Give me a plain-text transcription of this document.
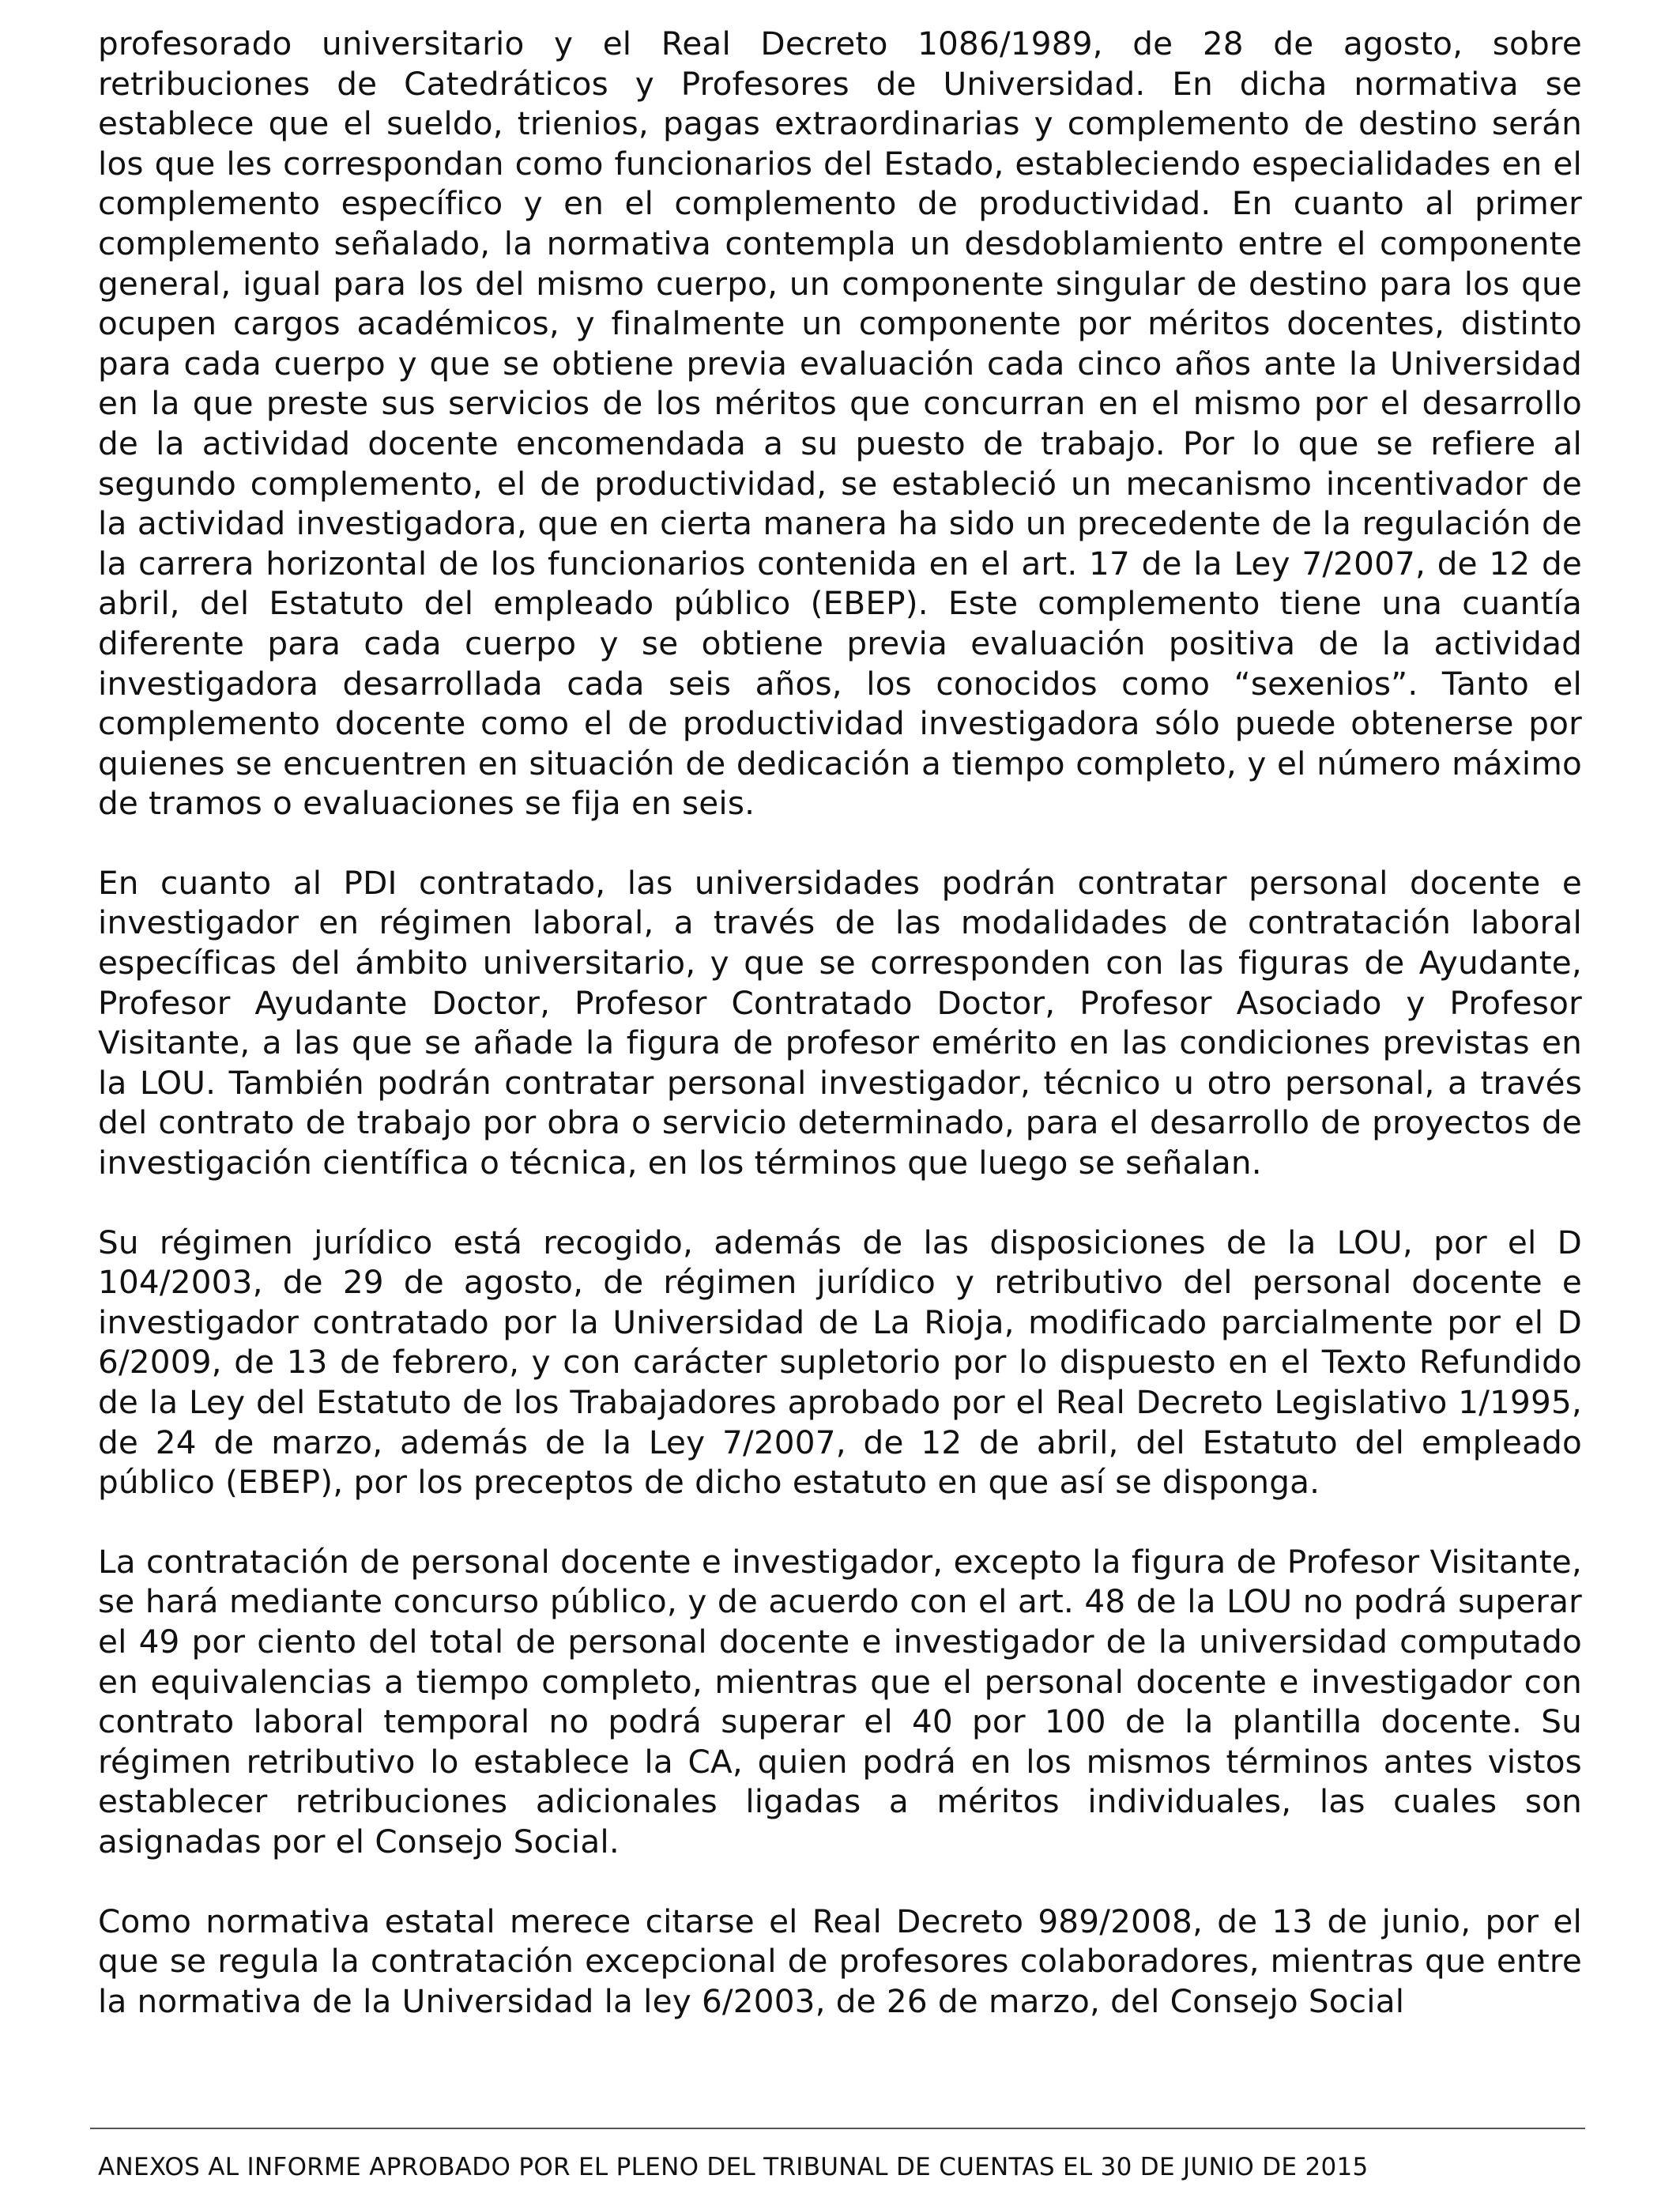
profesorado universitario y el Real Decreto 1086/1989, de 28 de agosto, sobre retribuciones de Catedráticos y Profesores de Universidad. En dicha normativa se establece que el sueldo, trienios, pagas extraordinarias y complemento de destino serán los que les correspondan como funcionarios del Estado, estableciendo especialidades en el complemento específico y en el complemento de productividad. En cuanto al primer complemento señalado, la normativa contempla un desdoblamiento entre el componente general, igual para los del mismo cuerpo, un componente singular de destino para los que ocupen cargos académicos, y finalmente un componente por méritos docentes, distinto para cada cuerpo y que se obtiene previa evaluación cada cinco años ante la Universidad en la que preste sus servicios de los méritos que concurran en el mismo por el desarrollo de la actividad docente encomendada a su puesto de trabajo. Por lo que se refiere al segundo complemento, el de productividad, se estableció un mecanismo incentivador de la actividad investigadora, que en cierta manera ha sido un precedente de la regulación de la carrera horizontal de los funcionarios contenida en el art. 17 de la Ley 7/2007, de 12 de abril, del Estatuto del empleado público (EBEP). Este complemento tiene una cuantía diferente para cada cuerpo y se obtiene previa evaluación positiva de la actividad investigadora desarrollada cada seis años, los conocidos como “sexenios”. Tanto el complemento docente como el de productividad investigadora sólo puede obtenerse por quienes se encuentren en situación de dedicación a tiempo completo, y el número máximo de tramos o evaluaciones se fija en seis.

En cuanto al PDI contratado, las universidades podrán contratar personal docente e investigador en régimen laboral, a través de las modalidades de contratación laboral específicas del ámbito universitario, y que se corresponden con las figuras de Ayudante, Profesor Ayudante Doctor, Profesor Contratado Doctor, Profesor Asociado y Profesor Visitante, a las que se añade la figura de profesor emérito en las condiciones previstas en la LOU. También podrán contratar personal investigador, técnico u otro personal, a través del contrato de trabajo por obra o servicio determinado, para el desarrollo de proyectos de investigación científica o técnica, en los términos que luego se señalan.

Su régimen jurídico está recogido, además de las disposiciones de la LOU, por el D 104/2003, de 29 de agosto, de régimen jurídico y retributivo del personal docente e investigador contratado por la Universidad de La Rioja, modificado parcialmente por el D 6/2009, de 13 de febrero, y con carácter supletorio por lo dispuesto en el Texto Refundido de la Ley del Estatuto de los Trabajadores aprobado por el Real Decreto Legislativo 1/1995, de 24 de marzo, además de la Ley 7/2007, de 12 de abril, del Estatuto del empleado público (EBEP), por los preceptos de dicho estatuto en que así se disponga.

La contratación de personal docente e investigador, excepto la figura de Profesor Visitante, se hará mediante concurso público, y de acuerdo con el art. 48 de la LOU no podrá superar el 49 por ciento del total de personal docente e investigador de la universidad computado en equivalencias a tiempo completo, mientras que el personal docente e investigador con contrato laboral temporal no podrá superar el 40 por 100 de la plantilla docente. Su régimen retributivo lo establece la CA, quien podrá en los mismos términos antes vistos establecer retribuciones adicionales ligadas a méritos individuales, las cuales son asignadas por el Consejo Social.

Como normativa estatal merece citarse el Real Decreto 989/2008, de 13 de junio, por el que se regula la contratación excepcional de profesores colaboradores, mientras que entre la normativa de la Universidad la ley 6/2003, de 26 de marzo, del Consejo Social

ANEXOS AL INFORME APROBADO POR EL PLENO DEL TRIBUNAL DE CUENTAS EL 30 DE JUNIO DE 2015
